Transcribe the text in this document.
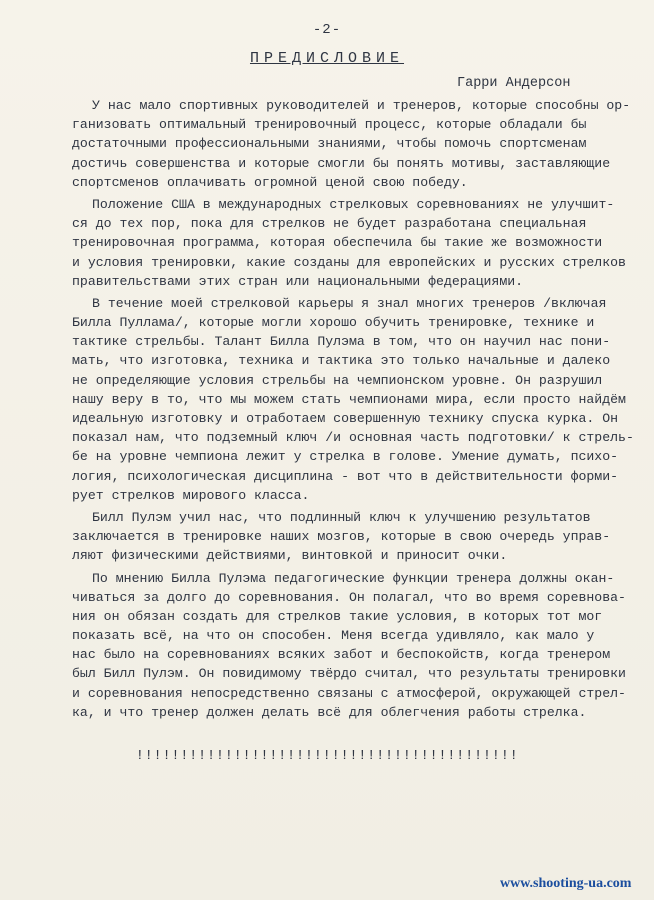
-2-
ПРЕДИСЛОВИЕ
Гарри Андерсон
У нас мало спортивных руководителей и тренеров, которые способны ор-
ганизовать оптимальный тренировочный процесс, которые обладали бы
достаточными профессиональными знаниями, чтобы помочь спортсменам
достичь совершенства и которые смогли бы понять мотивы, заставляющие
спортсменов оплачивать огромной ценой свою победу.
Положение США в международных стрелковых соревнованиях не улучшит-
ся до тех пор, пока для стрелков не будет разработана специальная
тренировочная программа, которая обеспечила бы такие же возможности
и условия тренировки, какие созданы для европейских и русских стрелков
правительствами этих стран или национальными федерациями.
В течение моей стрелковой карьеры я знал многих тренеров /включая
Билла Пуллама/, которые могли хорошо обучить тренировке, технике и
тактике стрельбы. Талант Билла Пулэма в том, что он научил нас пони-
мать, что изготовка, техника и тактика это только начальные и далеко
не определяющие условия стрельбы на чемпионском уровне. Он разрушил
нашу веру в то, что мы можем стать чемпионами мира, если просто найдём
идеальную изготовку и отработаем совершенную технику спуска курка. Он
показал нам, что подземный ключ /и основная часть подготовки/ к стрель-
бе на уровне чемпиона лежит у стрелка в голове. Умение думать, психо-
логия, психологическая дисциплина - вот что в действительности форми-
рует стрелков мирового класса.
Билл Пулэм учил нас, что подлинный ключ к улучшению результатов
заключается в тренировке наших мозгов, которые в свою очередь управ-
ляют физическими действиями, винтовкой и приносит очки.
По мнению Билла Пулэма педагогические функции тренера должны окан-
чиваться за долго до соревнования. Он полагал, что во время соревнова-
ния он обязан создать для стрелков такие условия, в которых тот мог
показать всё, на что он способен. Меня всегда удивляло, как мало у
нас было на соревнованиях всяких забот и беспокойств, когда тренером
был Билл Пулэм. Он повидимому твёрдо считал, что результаты тренировки
и соревнования непосредственно связаны с атмосферой, окружающей стрел-
ка, и что тренер должен делать всё для облегчения работы стрелка.
!!!!!!!!!!!!!!!!!!!!!!!!!!!!!!!!!!!!!!!!!!!
www.shooting-ua.com
